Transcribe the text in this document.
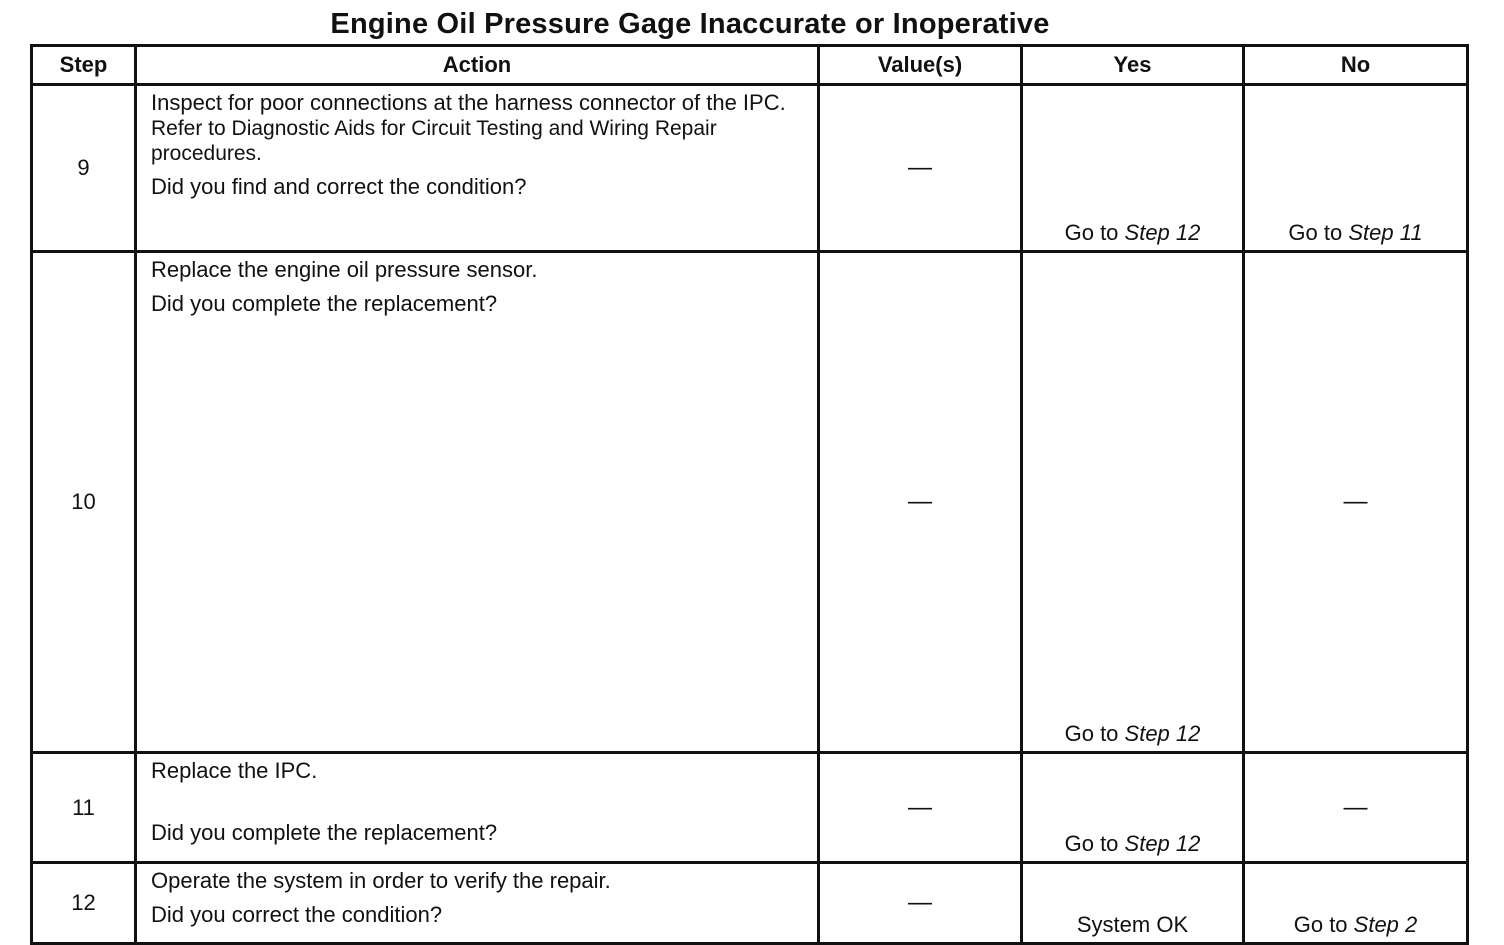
Engine Oil Pressure Gage Inaccurate or Inoperative
Step	Action	Value(s)	Yes	No
9	Inspect for poor connections at the harness connector of the IPC.

Refer to Diagnostic Aids for Circuit Testing and Wiring Repair procedures.

Did you find and correct the condition?	—	Go to Step 12	Go to Step 11

10	Replace the engine oil pressure sensor.

Did you complete the replacement?	—	Go to Step 12	—
11	Replace the IPC.

Did you complete the replacement?	—	Go to Step 12	—
12	Operate the system in order to verify the repair.

Did you correct the condition?	—	System OK	Go to Step 2
